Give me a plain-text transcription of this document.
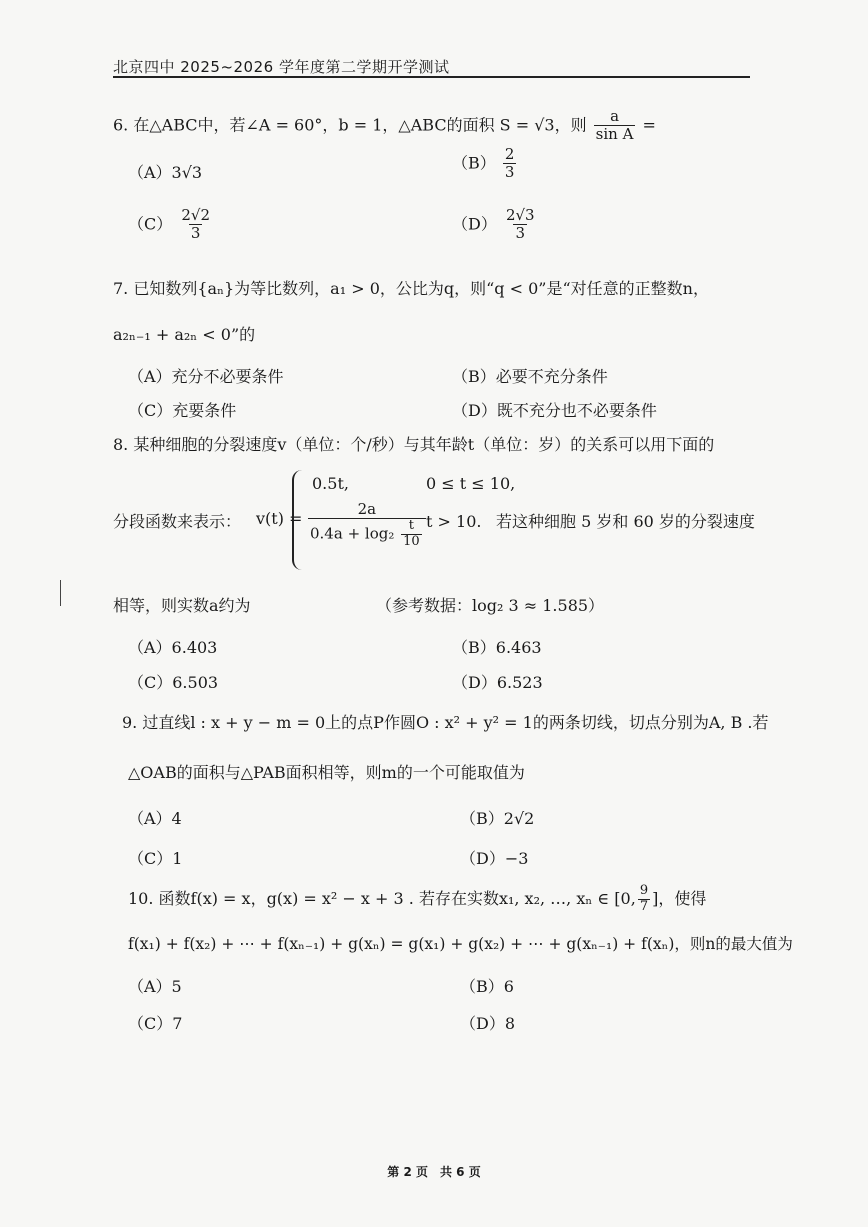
北京四中 2025~2026 学年度第二学期开学测试
6. 在△ABC中，若∠A = 60°，b = 1，△ABC的面积 S = √3，则 $\frac{a}{\text{sin A}}$ =
（A）3√3
$(B) \frac{2}{3}$
$(C) \frac{2√2}{3}$	$(D) \frac{2√3}{3}$
7. 已知数列{aₙ}为等比数列，a₁ > 0，公比为q，则“q < 0”是“对任意的正整数n，
a₂ₙ₋₁ + a₂ₙ < 0”的
（A）充分不必要条件	（B）必要不充分条件
（C）充要条件	（D）既不充分也不必要条件
8. 某种细胞的分裂速度v（单位：个/秒）与其年龄t（单位：岁）的关系可以用下面的
分段函数来表示： v(t) =
0.5t,	0 ≤ t ≤ 10,
$\frac{2a}{0.4a + \log_2 \frac{t}{10}}$ t > 10. 若这种细胞 5 岁和 60 岁的分裂速度
相等，则实数a约为	（参考数据：log₂ 3 ≈ 1.585）
（A）6.403	（B）6.463
（C）6.503	（D）6.523
9. 过直线l : x + y − m = 0上的点P作圆O : x² + y² = 1的两条切线，切点分别为A, B .若
△OAB的面积与△PAB面积相等，则m的一个可能取值为
（A）4	（B）2√2
（C）1	（D）−3
10. 函数f(x) = x，g(x) = x² − x + 3 . 若存在实数x₁, x₂, …, xₙ ∈ [0, $\frac{9}{7}$ ]，使得
f(x₁) + f(x₂) + ⋯ + f(xₙ₋₁) + g(xₙ) = g(x₁) + g(x₂) + ⋯ + g(xₙ₋₁) + f(xₙ)，则n的最大值为
（A）5	（B）6
（C）7	（D）8
第 2 页　共 6 页
